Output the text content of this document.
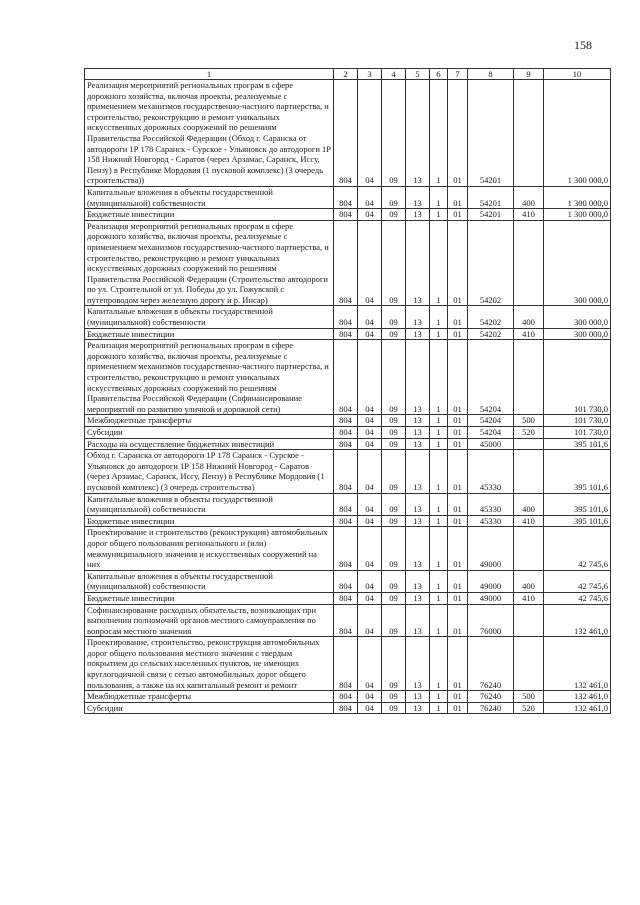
158
1	2	3	4	5	6	7	8	9	10
Реализация мероприятий региональных програм в сфере дорожного хозяйства, включая проекты, реализуемые с применением механизмов государственно-частного партнерства, и строительство, реконструкцию и ремонт уникальных искусственных дорожных сооружений по решениям Правительства Российской Федерации (Обход г. Саранска от автодороги 1Р 178 Саранск - Сурское - Ульяновск до автодороги 1Р 158 Нижний Новгород - Саратов (через Арзамас, Саранск, Исcу, Пензу) в Республике Мордовия (1 пусковой комплекс) (3 очередь строительства))	804	04	09	13	1	01	54201		1 300 000,0
Капитальные вложения в объекты государственной (муниципальной) собственности	804	04	09	13	1	01	54201	400	1 300 000,0
Бюджетные инвестиции	804	04	09	13	1	01	54201	410	1 300 000,0
Реализация мероприятий региональных програм в сфере дорожного хозяйства, включая проекты, реализуемые с применением механизмов государственно-частного партнерства, и строительство, реконструкцию и ремонт уникальных искусственных дорожных сооружений по решениям Правительства Российской Федерации (Строительство автодороги по ул. Строительной от ул. Победы до ул. Гожувской с путепроводом через железную дорогу и р. Инсар)	804	04	09	13	1	01	54202		300 000,0
Капитальные вложения в объекты государственной (муниципальной) собственности	804	04	09	13	1	01	54202	400	300 000,0
Бюджетные инвестиции	804	04	09	13	1	01	54202	410	300 000,0
Реализация мероприятий региональных програм в сфере дорожного хозяйства, включая проекты, реализуемые с применением механизмов государственно-частного партнерства, и строительство, реконструкцию и ремонт уникальных искусственных дорожных сооружений по решениям Правительства Российской Федерации (Софинансирование мероприятий по развитию уличной и дорожной сети)	804	04	09	13	1	01	54204		101 730,0
Межбюджетные трансферты	804	04	09	13	1	01	54204	500	101 730,0
Субсидии	804	04	09	13	1	01	54204	520	101 730,0
Расходы на осуществление бюджетных инвестиций	804	04	09	13	1	01	45000		395 101,6
Обход г. Саранска от автодороги 1Р 178 Саранск - Сурское - Ульяновск до автодороги 1Р 158 Нижний Новгород - Саратов (через Арзамас, Саранск, Исcу, Пензу) в Республике Мордовия (1 пусковой комплекс) (3 очередь строительства)	804	04	09	13	1	01	45330		395 101,6
Капитальные вложения в объекты государственной (муниципальной) собственности	804	04	09	13	1	01	45330	400	395 101,6
Бюджетные инвестиции	804	04	09	13	1	01	45330	410	395 101,6
Проектирование и строительство (реконструкция) автомобильных дорог общего пользования регионального и (или) межмуниципального значения и искусственных сооружений на них	804	04	09	13	1	01	49000		42 745,6
Капитальные вложения в объекты государственной (муниципальной) собственности	804	04	09	13	1	01	49000	400	42 745,6
Бюджетные инвестиции	804	04	09	13	1	01	49000	410	42 745,6
Софинансирование расходных обязательств, возникающих при выполнении полномочий органов местного самоуправления по вопросам местного значения	804	04	09	13	1	01	76000		132 461,0
Проектирование, строительство, реконструкция автомобильных дорог общего пользования местного значения с твердым покрытием до сельских населенных пунктов, не имеющих круглогодичной связи с сетью автомобильных дорог общего пользования, а также на их капитальный ремонт и ремонт	804	04	09	13	1	01	76240		132 461,0
Межбюджетные трансферты	804	04	09	13	1	01	76240	500	132 461,0
Субсидии	804	04	09	13	1	01	76240	520	132 461,0
